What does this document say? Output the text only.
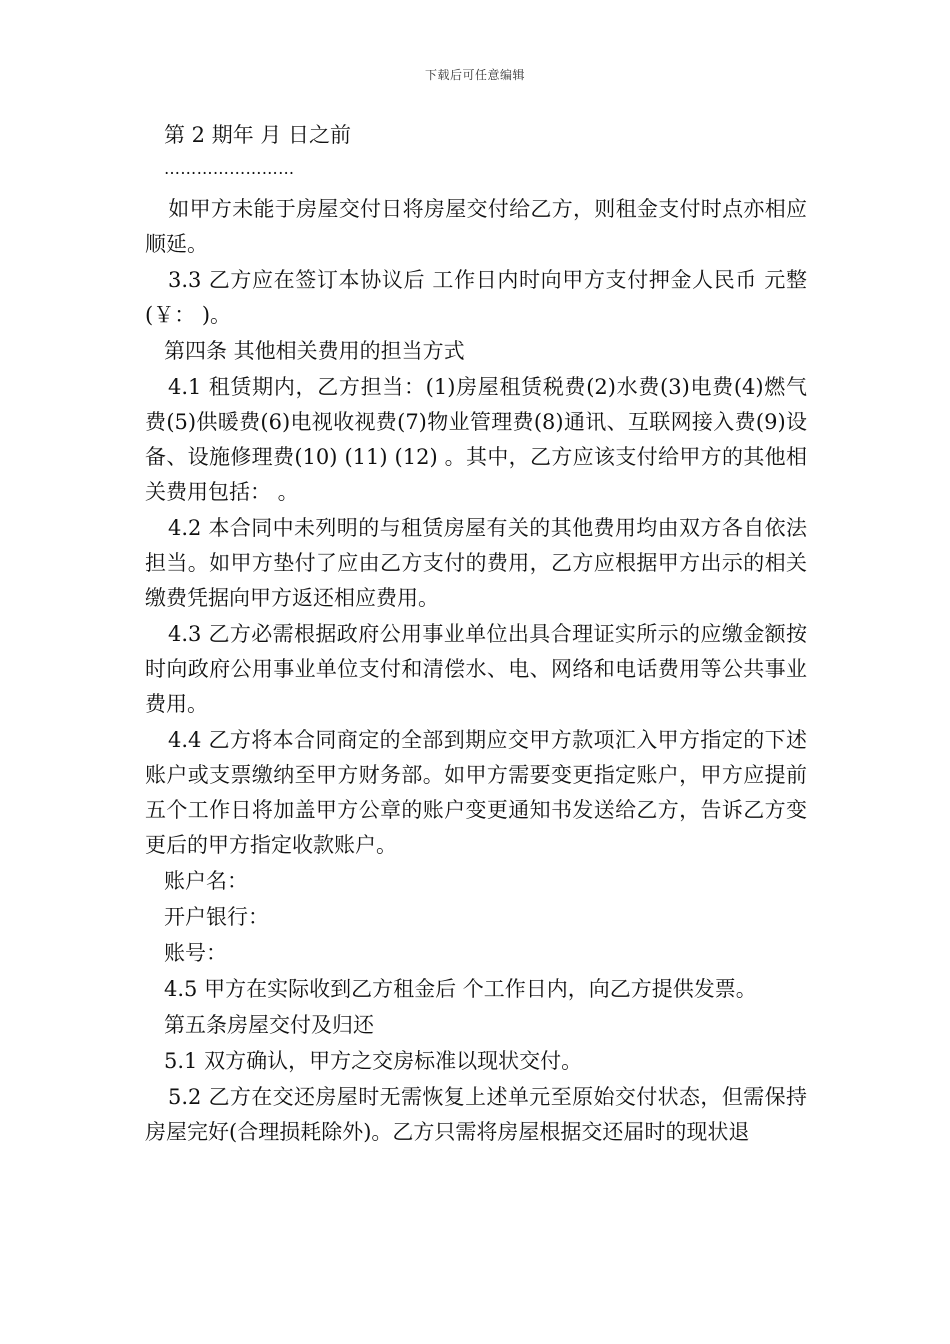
下载后可任意编辑
第 2 期年 月 日之前
……………………
如甲方未能于房屋交付日将房屋交付给乙方，则租金支付时点亦相应顺延。
3.3 乙方应在签订本协议后 工作日内时向甲方支付押金人民币 元整(￥： )。
第四条 其他相关费用的担当方式
4.1 租赁期内，乙方担当：(1)房屋租赁税费(2)水费(3)电费(4)燃气费(5)供暖费(6)电视收视费(7)物业管理费(8)通讯、互联网接入费(9)设备、设施修理费(10) (11) (12) 。其中，乙方应该支付给甲方的其他相关费用包括： 。
4.2 本合同中未列明的与租赁房屋有关的其他费用均由双方各自依法担当。如甲方垫付了应由乙方支付的费用，乙方应根据甲方出示的相关缴费凭据向甲方返还相应费用。
4.3 乙方必需根据政府公用事业单位出具合理证实所示的应缴金额按时向政府公用事业单位支付和清偿水、电、网络和电话费用等公共事业费用。
4.4 乙方将本合同商定的全部到期应交甲方款项汇入甲方指定的下述账户或支票缴纳至甲方财务部。如甲方需要变更指定账户，甲方应提前五个工作日将加盖甲方公章的账户变更通知书发送给乙方，告诉乙方变更后的甲方指定收款账户。
账户名：
开户银行：
账号：
4.5 甲方在实际收到乙方租金后 个工作日内，向乙方提供发票。
第五条房屋交付及归还
5.1 双方确认，甲方之交房标准以现状交付。
5.2 乙方在交还房屋时无需恢复上述单元至原始交付状态，但需保持房屋完好(合理损耗除外)。乙方只需将房屋根据交还届时的现状退
